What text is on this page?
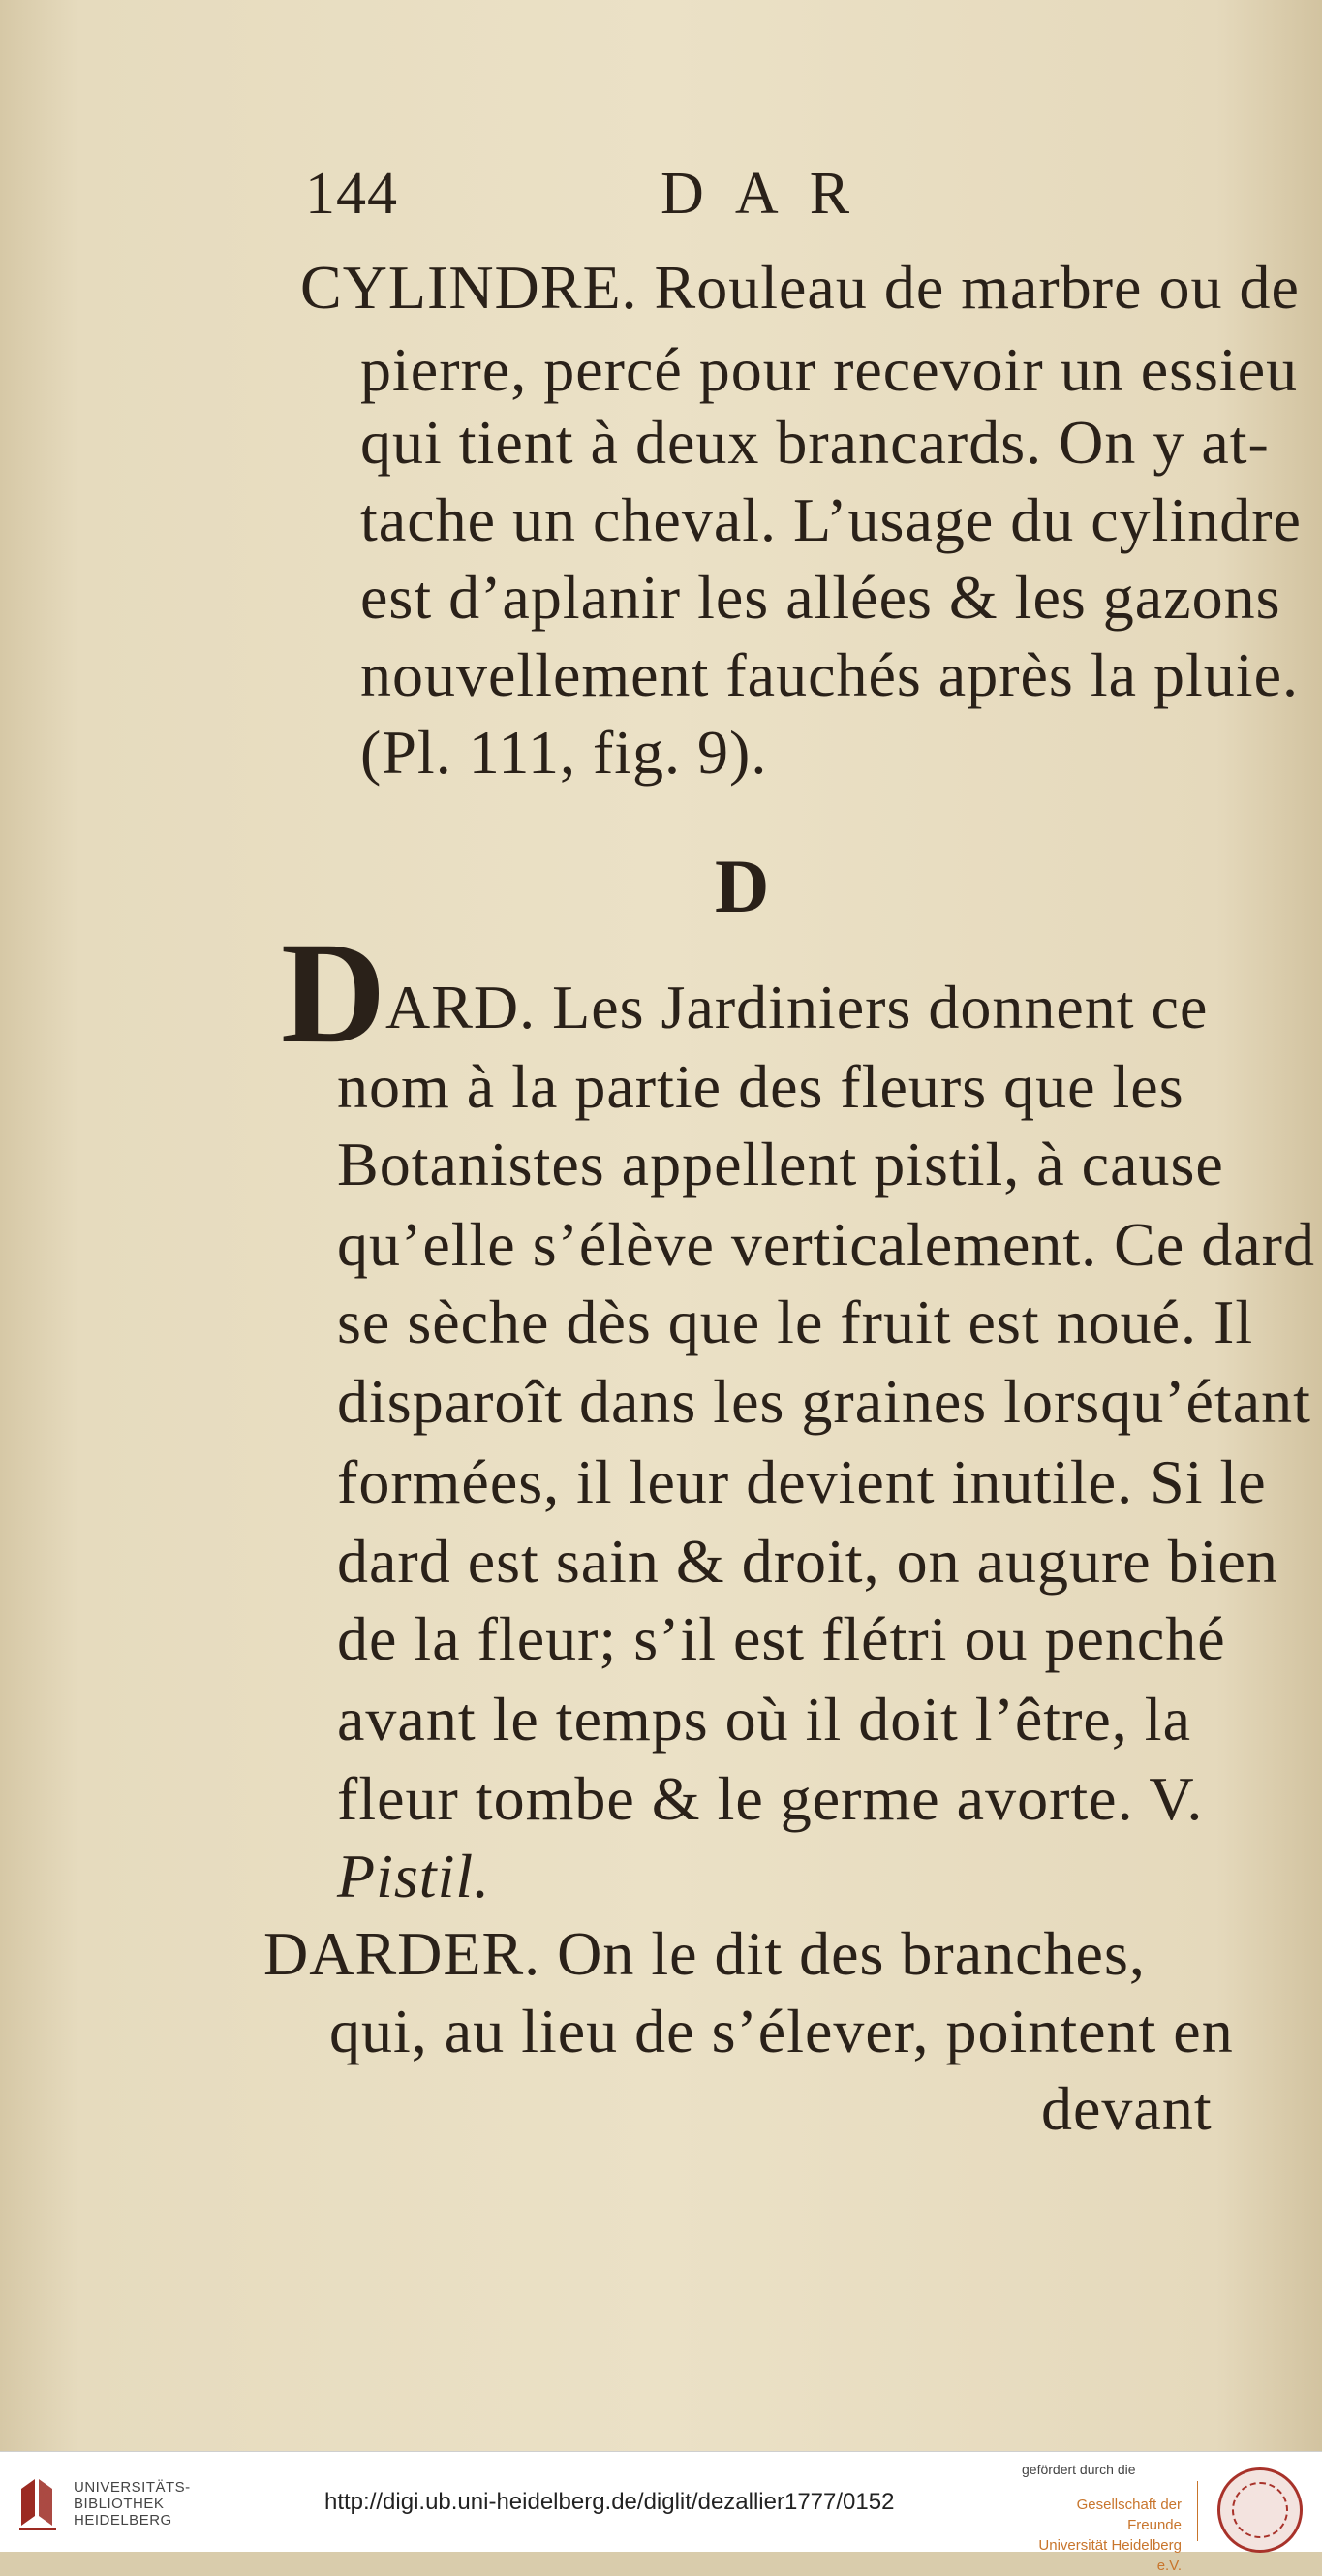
144	D A R
CYLINDRE. Rouleau de marbre ou de
pierre, percé pour recevoir un essieu
qui tient à deux brancards. On y at-
tache un cheval. L’usage du cylindre
est d’aplanir les allées & les gazons
nouvellement fauchés après la pluie.
(Pl. 111, fig. 9).
D
D ARD. Les Jardiniers donnent ce
nom à la partie des fleurs que les
Botanistes appellent pistil, à cause
qu’elle s’élève verticalement. Ce dard
se sèche dès que le fruit est noué. Il
disparoît dans les graines lorsqu’étant
formées, il leur devient inutile. Si le
dard est sain & droit, on augure bien
de la fleur; s’il est flétri ou penché
avant le temps où il doit l’être, la
fleur tombe & le germe avorte. V.
Pistil.
DARDER. On le dit des branches,
qui, au lieu de s’élever, pointent en
devant
UNIVERSITÄTS-
BIBLIOTHEK
HEIDELBERG
http://digi.ub.uni-heidelberg.de/diglit/dezallier1777/0152
gefördert durch die
Gesellschaft der Freunde
Universität Heidelberg e.V.
